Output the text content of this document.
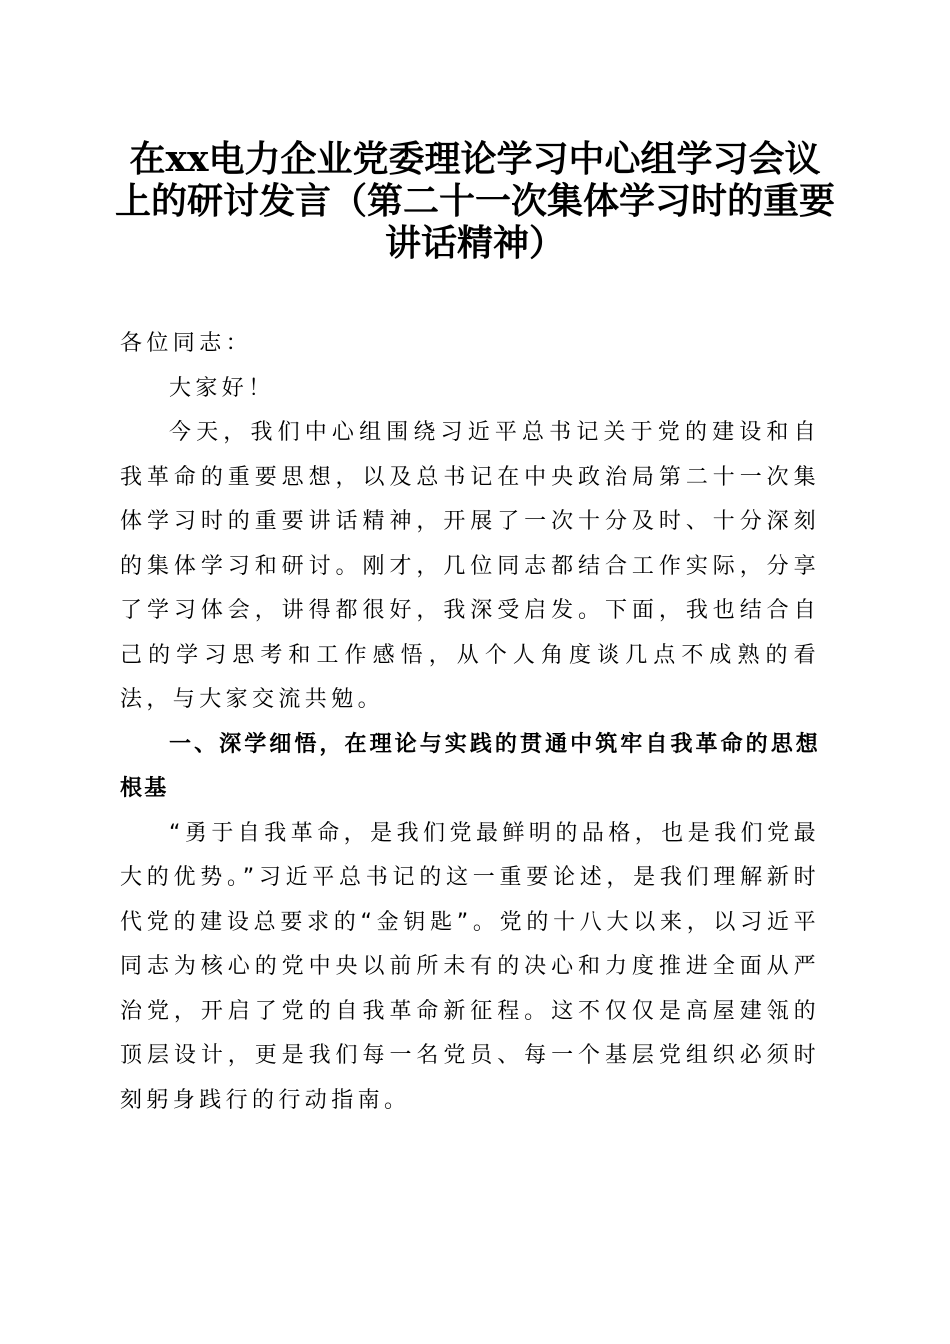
在xx电力企业党委理论学习中心组学习会议
上的研讨发言（第二十一次集体学习时的重要
讲话精神）

各位同志：

大家好！

今天，我们中心组围绕习近平总书记关于党的建设和自我革命的重要思想，以及总书记在中央政治局第二十一次集体学习时的重要讲话精神，开展了一次十分及时、十分深刻的集体学习和研讨。刚才，几位同志都结合工作实际，分享了学习体会，讲得都很好，我深受启发。下面，我也结合自己的学习思考和工作感悟，从个人角度谈几点不成熟的看法，与大家交流共勉。

一、深学细悟，在理论与实践的贯通中筑牢自我革命的思想根基

“勇于自我革命，是我们党最鲜明的品格，也是我们党最大的优势。”习近平总书记的这一重要论述，是我们理解新时代党的建设总要求的“金钥匙”。党的十八大以来，以习近平同志为核心的党中央以前所未有的决心和力度推进全面从严治党，开启了党的自我革命新征程。这不仅仅是高屋建瓴的顶层设计，更是我们每一名党员、每一个基层党组织必须时刻躬身践行的行动指南。
